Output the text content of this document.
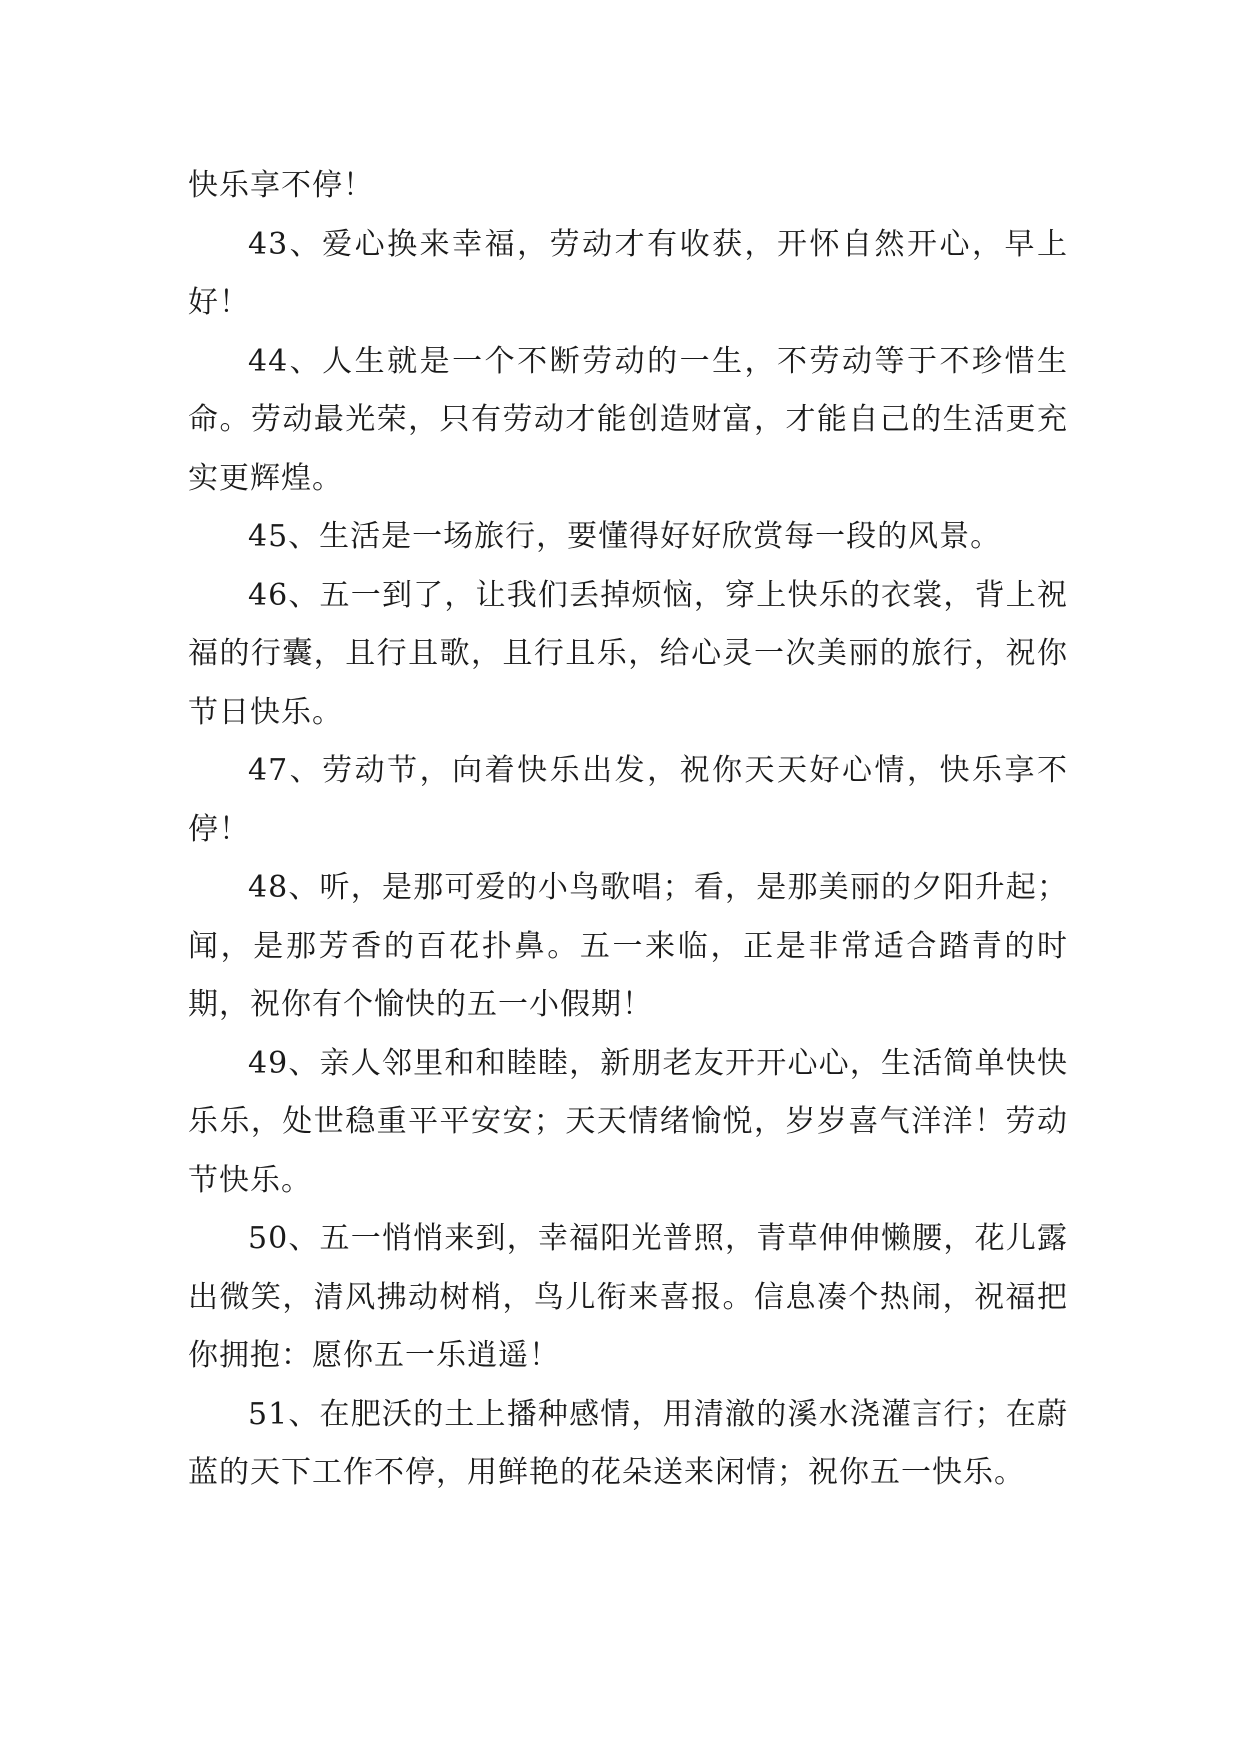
快乐享不停！

43、爱心换来幸福，劳动才有收获，开怀自然开心，早上好！

44、人生就是一个不断劳动的一生，不劳动等于不珍惜生命。劳动最光荣，只有劳动才能创造财富，才能自己的生活更充实更辉煌。

45、生活是一场旅行，要懂得好好欣赏每一段的风景。

46、五一到了，让我们丢掉烦恼，穿上快乐的衣裳，背上祝福的行囊，且行且歌，且行且乐，给心灵一次美丽的旅行，祝你节日快乐。

47、劳动节，向着快乐出发，祝你天天好心情，快乐享不停！

48、听，是那可爱的小鸟歌唱；看，是那美丽的夕阳升起；闻，是那芳香的百花扑鼻。五一来临，正是非常适合踏青的时期，祝你有个愉快的五一小假期！

49、亲人邻里和和睦睦，新朋老友开开心心，生活简单快快乐乐，处世稳重平平安安；天天情绪愉悦，岁岁喜气洋洋！劳动节快乐。

50、五一悄悄来到，幸福阳光普照，青草伸伸懒腰，花儿露出微笑，清风拂动树梢，鸟儿衔来喜报。信息凑个热闹，祝福把你拥抱：愿你五一乐逍遥！

51、在肥沃的土上播种感情，用清澈的溪水浇灌言行；在蔚蓝的天下工作不停，用鲜艳的花朵送来闲情；祝你五一快乐。
